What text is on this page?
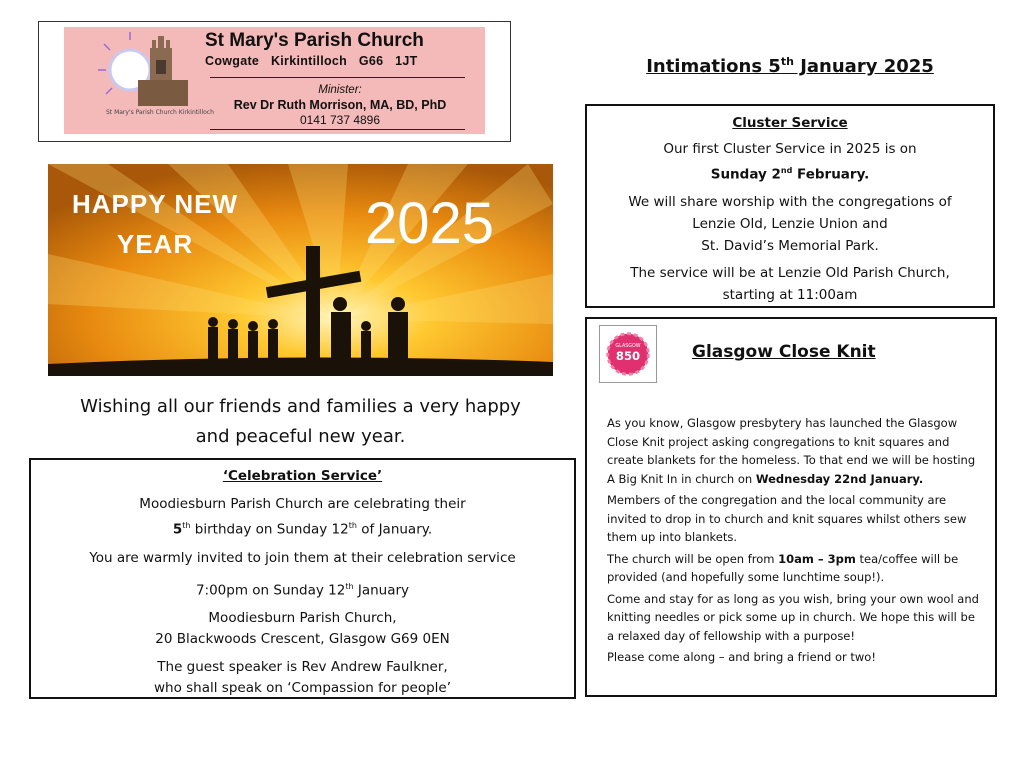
St Mary's Parish Church Kirkintilloch
St Mary's Parish Church
Cowgate Kirkintilloch G66 1JT
Minister:
Rev Dr Ruth Morrison, MA, BD, PhD
0141 737 4896
Intimations 5th January 2025
HAPPY NEW YEAR	2025
Wishing all our friends and families a very happy
and peaceful new year.

‘Celebration Service’

Moodiesburn Parish Church are celebrating their

5th birthday on Sunday 12th of January.

You are warmly invited to join them at their celebration service

7:00pm on Sunday 12th January

Moodiesburn Parish Church,

20 Blackwoods Crescent, Glasgow G69 0EN

The guest speaker is Rev Andrew Faulkner,

who shall speak on ‘Compassion for people’

Cluster Service

Our first Cluster Service in 2025 is on

Sunday 2nd February.

We will share worship with the congregations of

Lenzie Old, Lenzie Union and

St. David’s Memorial Park.

The service will be at Lenzie Old Parish Church,

starting at 11:00am

GLASGOW
850	Glasgow Close Knit

As you know, Glasgow presbytery has launched the Glasgow Close Knit project asking congregations to knit squares and create blankets for the homeless. To that end we will be hosting A Big Knit In in church on Wednesday 22nd January.

Members of the congregation and the local community are invited to drop in to church and knit squares whilst others sew them up into blankets.

The church will be open from 10am – 3pm tea/coffee will be provided (and hopefully some lunchtime soup!).

Come and stay for as long as you wish, bring your own wool and knitting needles or pick some up in church. We hope this will be a relaxed day of fellowship with a purpose!

Please come along – and bring a friend or two!
